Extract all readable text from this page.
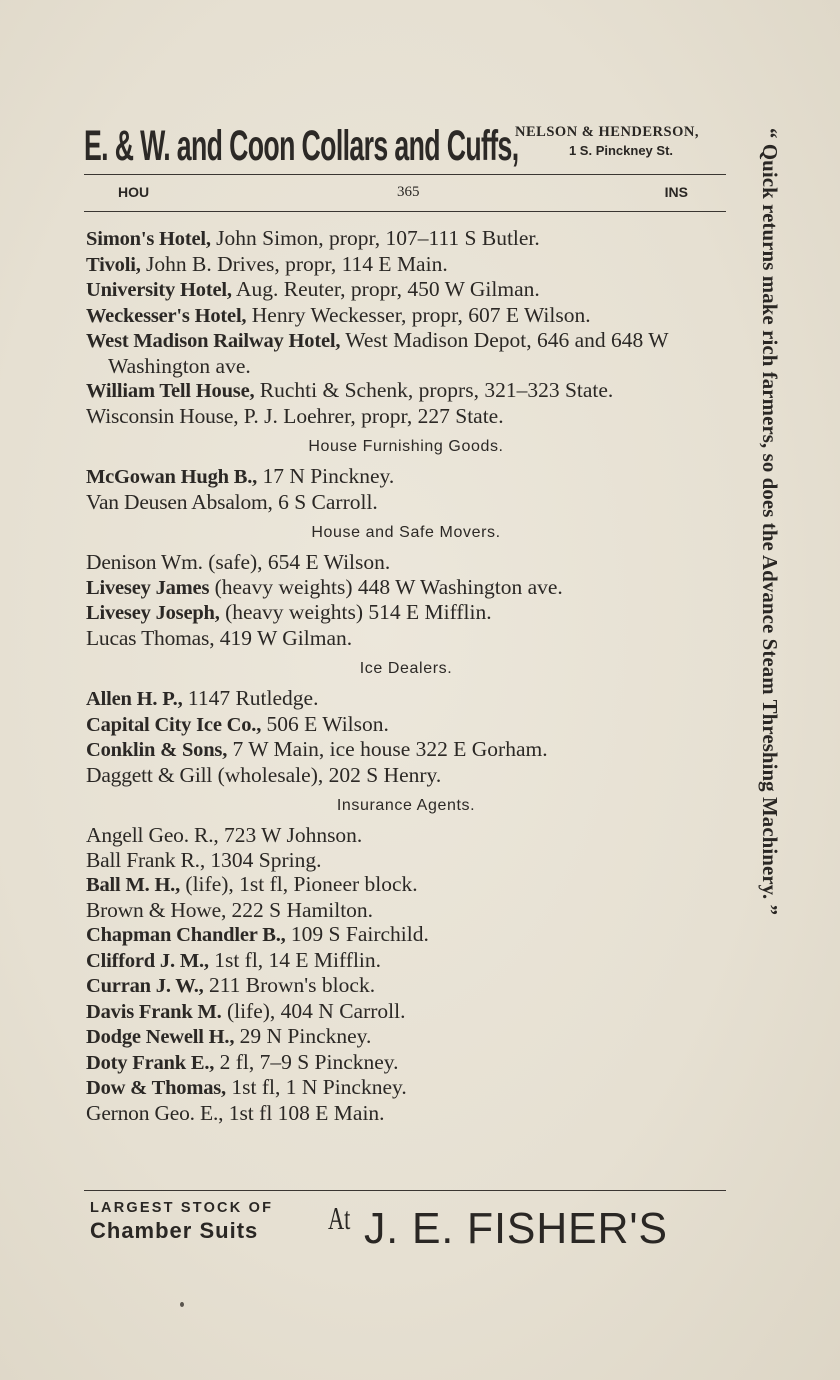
E. & W. and Coon Collars and Cuffs,
NELSON & HENDERSON,
1 S. Pinckney St.
HOU	365	INS
Simon's Hotel, John Simon, propr, 107–111 S Butler.
Tivoli, John B. Drives, propr, 114 E Main.
University Hotel, Aug. Reuter, propr, 450 W Gilman.
Weckesser's Hotel, Henry Weckesser, propr, 607 E Wilson.
West Madison Railway Hotel, West Madison Depot, 646 and 648 W Washington ave.
William Tell House, Ruchti & Schenk, proprs, 321–323 State.
Wisconsin House, P. J. Loehrer, propr, 227 State.
House Furnishing Goods.
McGowan Hugh B., 17 N Pinckney.
Van Deusen Absalom, 6 S Carroll.
House and Safe Movers.
Denison Wm. (safe), 654 E Wilson.
Livesey James (heavy weights) 448 W Washington ave.
Livesey Joseph, (heavy weights) 514 E Mifflin.
Lucas Thomas, 419 W Gilman.
Ice Dealers.
Allen H. P., 1147 Rutledge.
Capital City Ice Co., 506 E Wilson.
Conklin & Sons, 7 W Main, ice house 322 E Gorham.
Daggett & Gill (wholesale), 202 S Henry.
Insurance Agents.
Angell Geo. R., 723 W Johnson.
Ball Frank R., 1304 Spring.
Ball M. H., (life), 1st fl, Pioneer block.
Brown & Howe, 222 S Hamilton.
Chapman Chandler B., 109 S Fairchild.
Clifford J. M., 1st fl, 14 E Mifflin.
Curran J. W., 211 Brown's block.
Davis Frank M. (life), 404 N Carroll.
Dodge Newell H., 29 N Pinckney.
Doty Frank E., 2 fl, 7–9 S Pinckney.
Dow & Thomas, 1st fl, 1 N Pinckney.
Gernon Geo. E., 1st fl 108 E Main.
LARGEST STOCK OF
Chamber Suits At J. E. FISHER'S
“ Quick returns make rich farmers, so does the Advance Steam Threshing Machinery. ”
